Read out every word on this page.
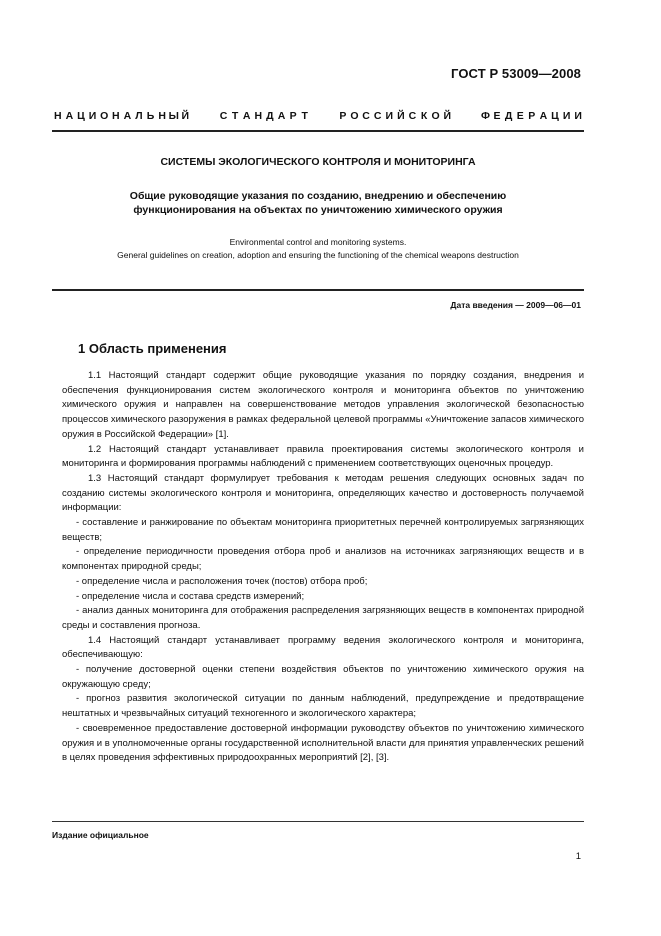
ГОСТ Р 53009—2008
Н А Ц И О Н А Л Ь Н Ы Й	С Т А Н Д А Р Т	Р О С С И Й С К О Й	Ф Е Д Е Р А Ц И И
СИСТЕМЫ ЭКОЛОГИЧЕСКОГО КОНТРОЛЯ И МОНИТОРИНГА
Общие руководящие указания по созданию, внедрению и обеспечению
функционирования на объектах по уничтожению химического оружия
Environmental control and monitoring systems.
General guidelines on creation, adoption and ensuring the functioning of the chemical weapons destruction
Дата введения — 2009—06—01
1 Область применения

1.1 Настоящий стандарт содержит общие руководящие указания по порядку создания, внедрения и обеспечения функционирования систем экологического контроля и мониторинга объектов по уничтожению химического оружия и направлен на совершенствование методов управления экологической безопасностью процессов химического разоружения в рамках федеральной целевой программы «Уничтожение запасов химического оружия в Российской Федерации» [1].

1.2 Настоящий стандарт устанавливает правила проектирования системы экологического контроля и мониторинга и формирования программы наблюдений с применением соответствующих оценочных процедур.

1.3 Настоящий стандарт формулирует требования к методам решения следующих основных задач по созданию системы экологического контроля и мониторинга, определяющих качество и достоверность получаемой информации:

- составление и ранжирование по объектам мониторинга приоритетных перечней контролируемых загрязняющих веществ;

- определение периодичности проведения отбора проб и анализов на источниках загрязняющих веществ и в компонентах природной среды;

- определение числа и расположения точек (постов) отбора проб;

- определение числа и состава средств измерений;

- анализ данных мониторинга для отображения распределения загрязняющих веществ в компонентах природной среды и составления прогноза.

1.4 Настоящий стандарт устанавливает программу ведения экологического контроля и мониторинга, обеспечивающую:

- получение достоверной оценки степени воздействия объектов по уничтожению химического оружия на окружающую среду;

- прогноз развития экологической ситуации по данным наблюдений, предупреждение и предотвращение нештатных и чрезвычайных ситуаций техногенного и экологического характера;

- своевременное предоставление достоверной информации руководству объектов по уничтожению химического оружия и в уполномоченные органы государственной исполнительной власти для принятия управленческих решений в целях проведения эффективных природоохранных мероприятий [2], [3].

Издание официальное
1
